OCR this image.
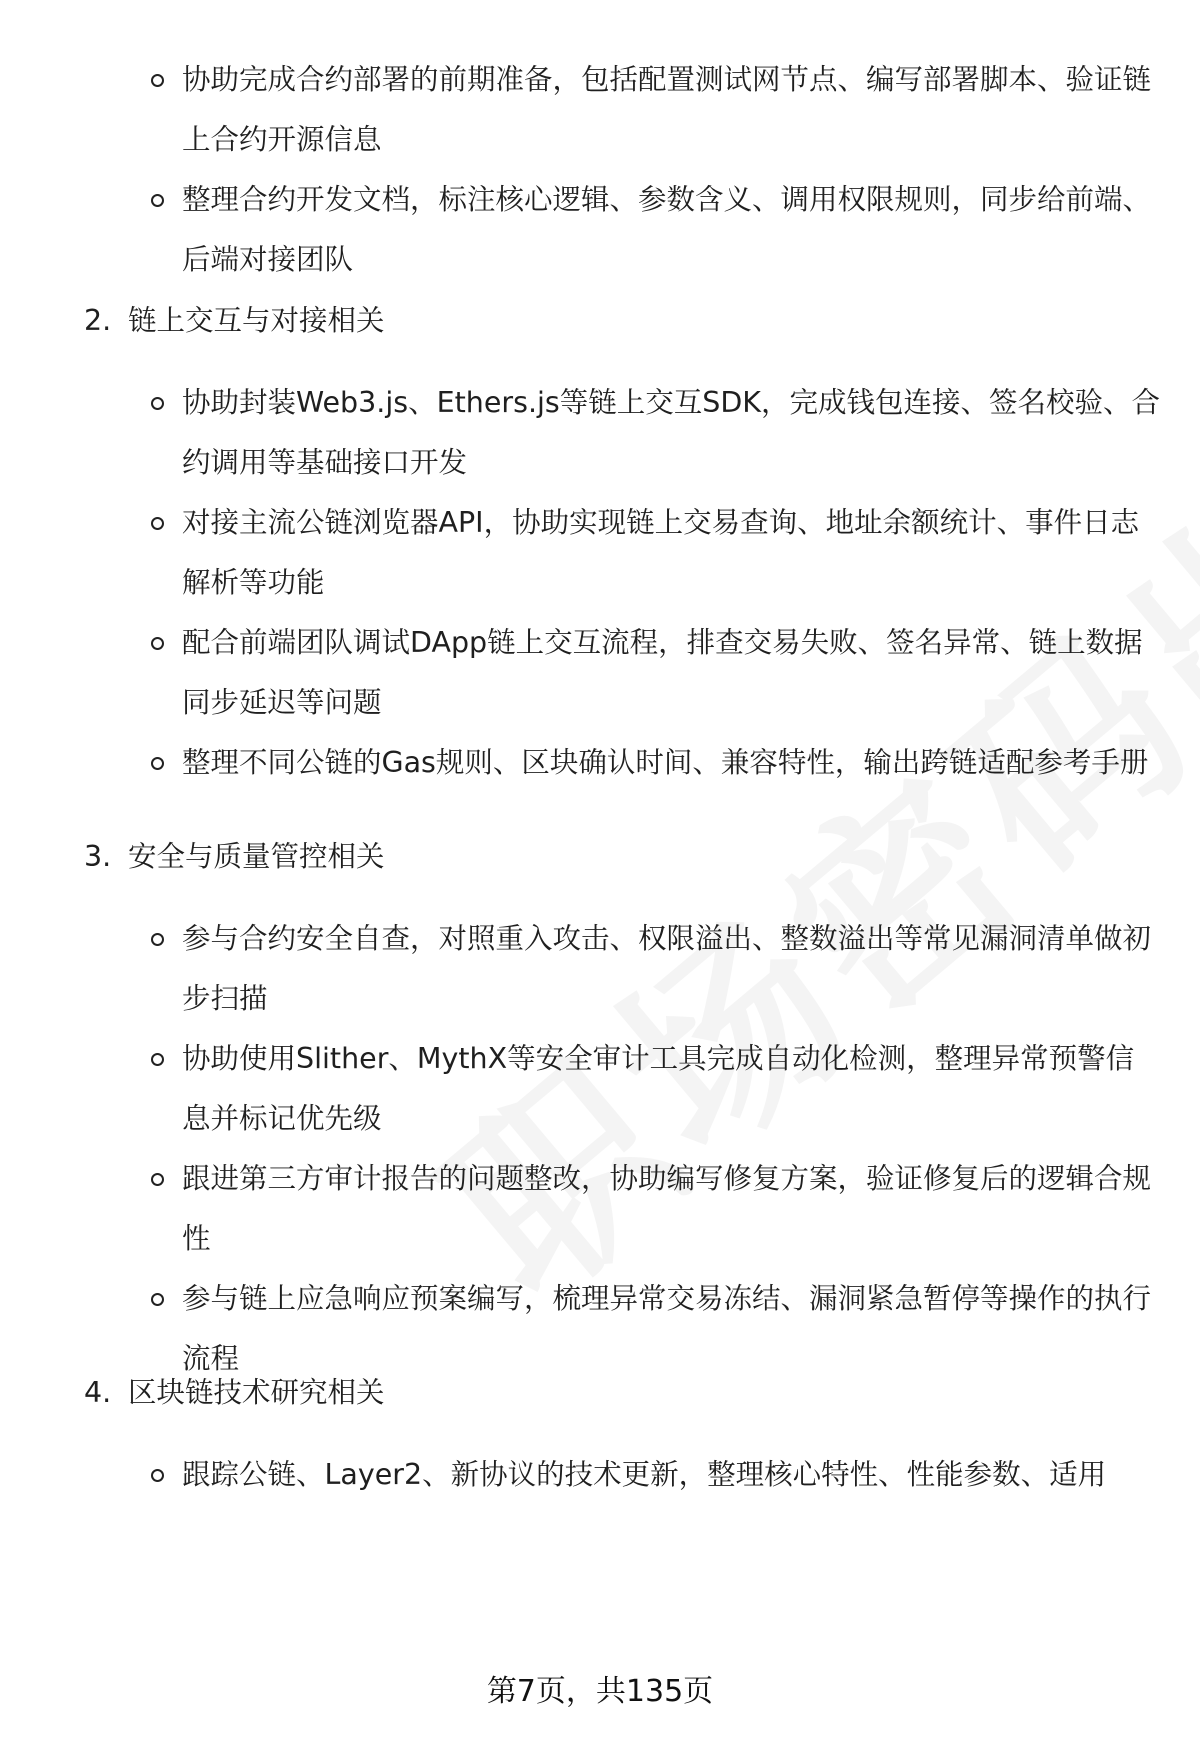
协助完成合约部署的前期准备，包括配置测试网节点、编写部署脚本、验证链上合约开源信息
整理合约开发文档，标注核心逻辑、参数含义、调用权限规则，同步给前端、后端对接团队
2. 链上交互与对接相关
协助封装Web3.js、Ethers.js等链上交互SDK，完成钱包连接、签名校验、合约调用等基础接口开发
对接主流公链浏览器API，协助实现链上交易查询、地址余额统计、事件日志解析等功能
配合前端团队调试DApp链上交互流程，排查交易失败、签名异常、链上数据同步延迟等问题
整理不同公链的Gas规则、区块确认时间、兼容特性，输出跨链适配参考手册
3. 安全与质量管控相关
参与合约安全自查，对照重入攻击、权限溢出、整数溢出等常见漏洞清单做初步扫描
协助使用Slither、MythX等安全审计工具完成自动化检测，整理异常预警信息并标记优先级
跟进第三方审计报告的问题整改，协助编写修复方案，验证修复后的逻辑合规性
参与链上应急响应预案编写，梳理异常交易冻结、漏洞紧急暂停等操作的执行流程
4. 区块链技术研究相关
跟踪公链、Layer2、新协议的技术更新，整理核心特性、性能参数、适用
第7页，共135页
